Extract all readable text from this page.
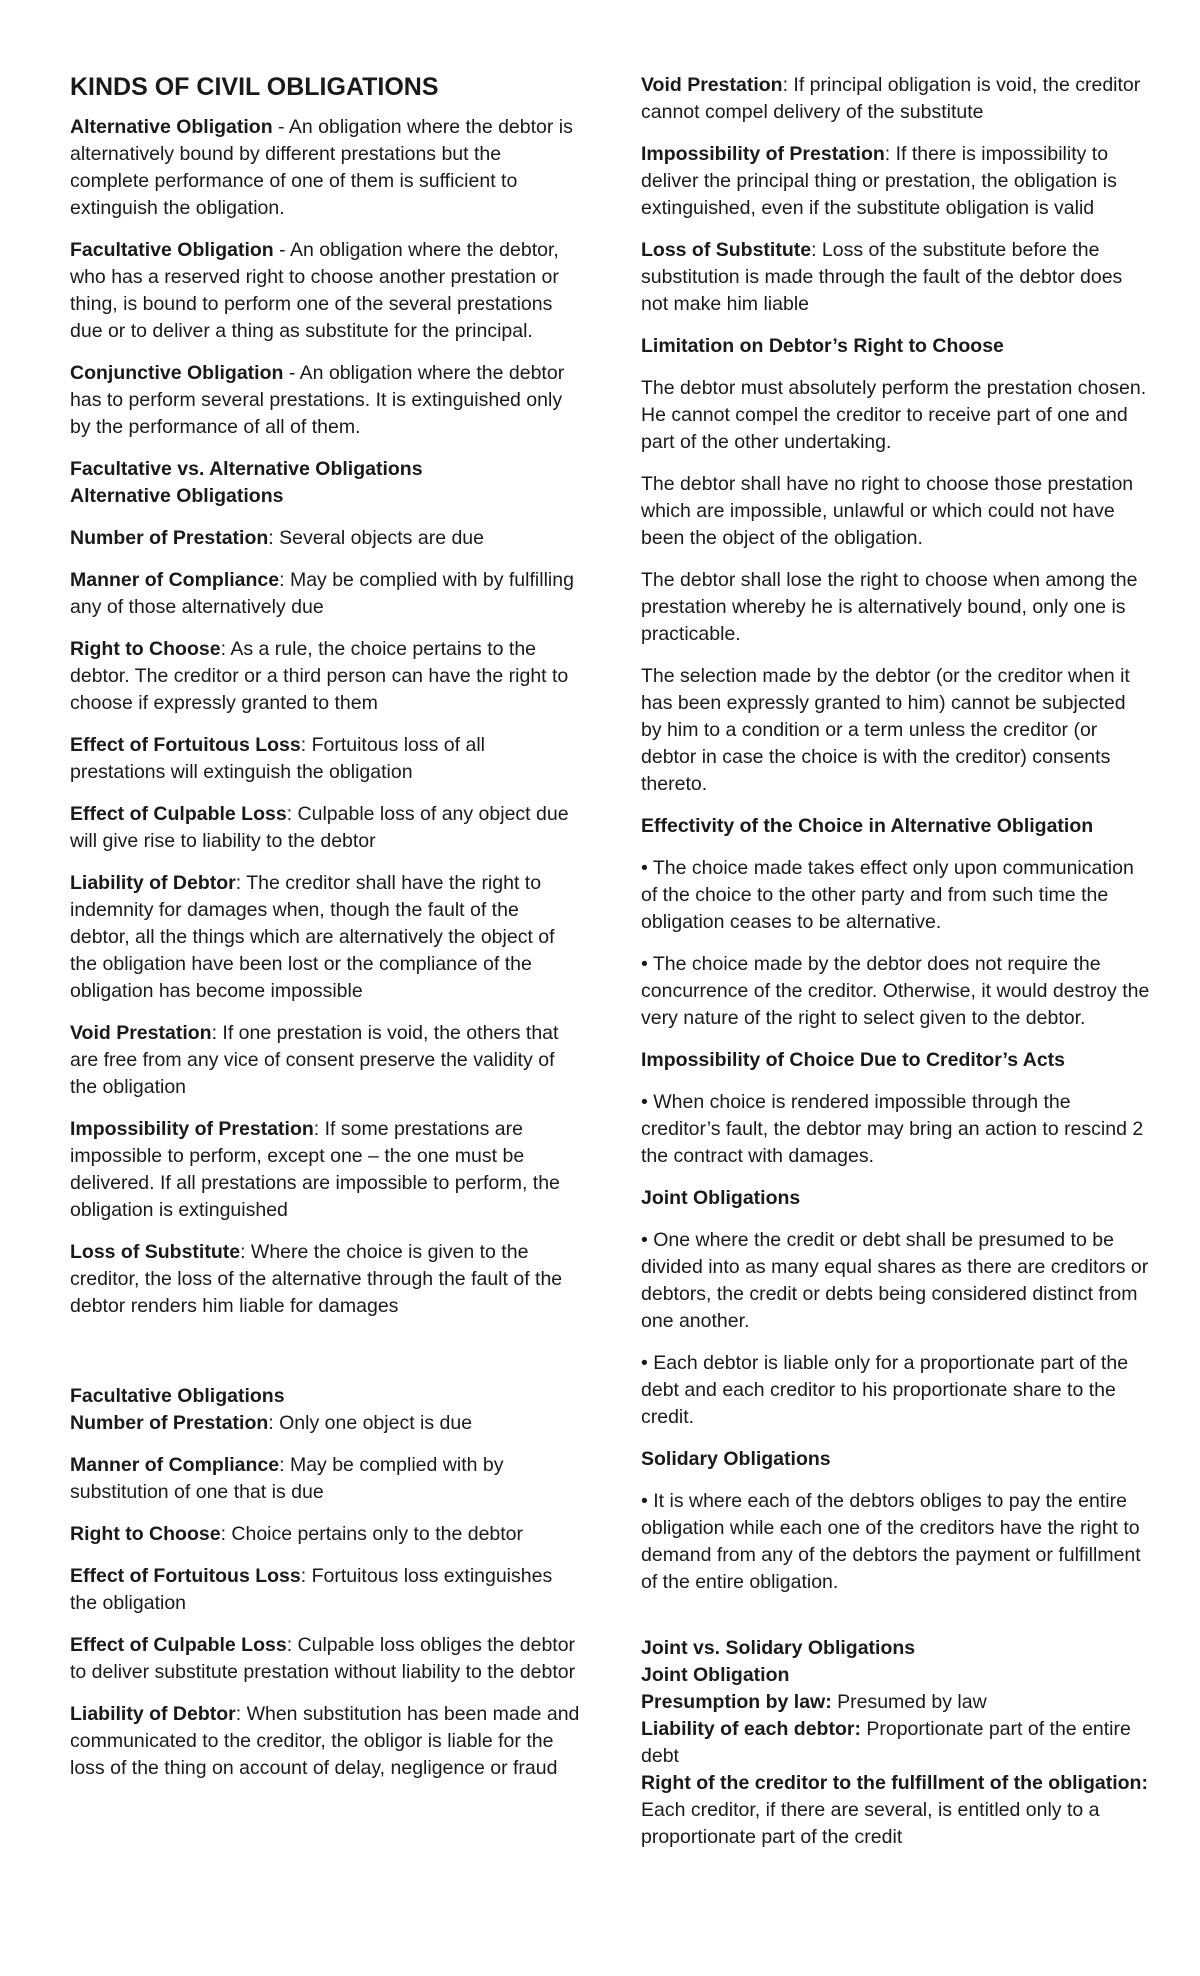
KINDS OF CIVIL OBLIGATIONS

Alternative Obligation - An obligation where the debtor is alternatively bound by different prestations but the complete performance of one of them is sufficient to extinguish the obligation.

Facultative Obligation - An obligation where the debtor, who has a reserved right to choose another prestation or thing, is bound to perform one of the several prestations due or to deliver a thing as substitute for the principal.

Conjunctive Obligation - An obligation where the debtor has to perform several prestations. It is extinguished only by the performance of all of them.

Facultative vs. Alternative Obligations
Alternative Obligations

Number of Prestation: Several objects are due

Manner of Compliance: May be complied with by fulfilling any of those alternatively due

Right to Choose: As a rule, the choice pertains to the debtor. The creditor or a third person can have the right to choose if expressly granted to them

Effect of Fortuitous Loss: Fortuitous loss of all prestations will extinguish the obligation

Effect of Culpable Loss: Culpable loss of any object due will give rise to liability to the debtor

Liability of Debtor: The creditor shall have the right to indemnity for damages when, though the fault of the debtor, all the things which are alternatively the object of the obligation have been lost or the compliance of the obligation has become impossible

Void Prestation: If one prestation is void, the others that are free from any vice of consent preserve the validity of the obligation

Impossibility of Prestation: If some prestations are impossible to perform, except one – the one must be delivered. If all prestations are impossible to perform, the obligation is extinguished

Loss of Substitute: Where the choice is given to the creditor, the loss of the alternative through the fault of the debtor renders him liable for damages

Facultative Obligations

Number of Prestation: Only one object is due

Manner of Compliance: May be complied with by substitution of one that is due

Right to Choose: Choice pertains only to the debtor

Effect of Fortuitous Loss: Fortuitous loss extinguishes the obligation

Effect of Culpable Loss: Culpable loss obliges the debtor to deliver substitute prestation without liability to the debtor

Liability of Debtor: When substitution has been made and communicated to the creditor, the obligor is liable for the loss of the thing on account of delay, negligence or fraud

Void Prestation: If principal obligation is void, the creditor cannot compel delivery of the substitute

Impossibility of Prestation: If there is impossibility to deliver the principal thing or prestation, the obligation is extinguished, even if the substitute obligation is valid

Loss of Substitute: Loss of the substitute before the substitution is made through the fault of the debtor does not make him liable

Limitation on Debtor’s Right to Choose

The debtor must absolutely perform the prestation chosen. He cannot compel the creditor to receive part of one and part of the other undertaking.

The debtor shall have no right to choose those prestation which are impossible, unlawful or which could not have been the object of the obligation.

The debtor shall lose the right to choose when among the prestation whereby he is alternatively bound, only one is practicable.

The selection made by the debtor (or the creditor when it has been expressly granted to him) cannot be subjected by him to a condition or a term unless the creditor (or debtor in case the choice is with the creditor) consents thereto.

Effectivity of the Choice in Alternative Obligation

• The choice made takes effect only upon communication of the choice to the other party and from such time the obligation ceases to be alternative.

• The choice made by the debtor does not require the concurrence of the creditor. Otherwise, it would destroy the very nature of the right to select given to the debtor.

Impossibility of Choice Due to Creditor’s Acts

• When choice is rendered impossible through the creditor’s fault, the debtor may bring an action to rescind 2 the contract with damages.

Joint Obligations

• One where the credit or debt shall be presumed to be divided into as many equal shares as there are creditors or debtors, the credit or debts being considered distinct from one another.

• Each debtor is liable only for a proportionate part of the debt and each creditor to his proportionate share to the credit.

Solidary Obligations

• It is where each of the debtors obliges to pay the entire obligation while each one of the creditors have the right to demand from any of the debtors the payment or fulfillment of the entire obligation.

Joint vs. Solidary Obligations
Joint Obligation
Presumption by law: Presumed by law
Liability of each debtor: Proportionate part of the entire debt
Right of the creditor to the fulfillment of the obligation: Each creditor, if there are several, is entitled only to a proportionate part of the credit
